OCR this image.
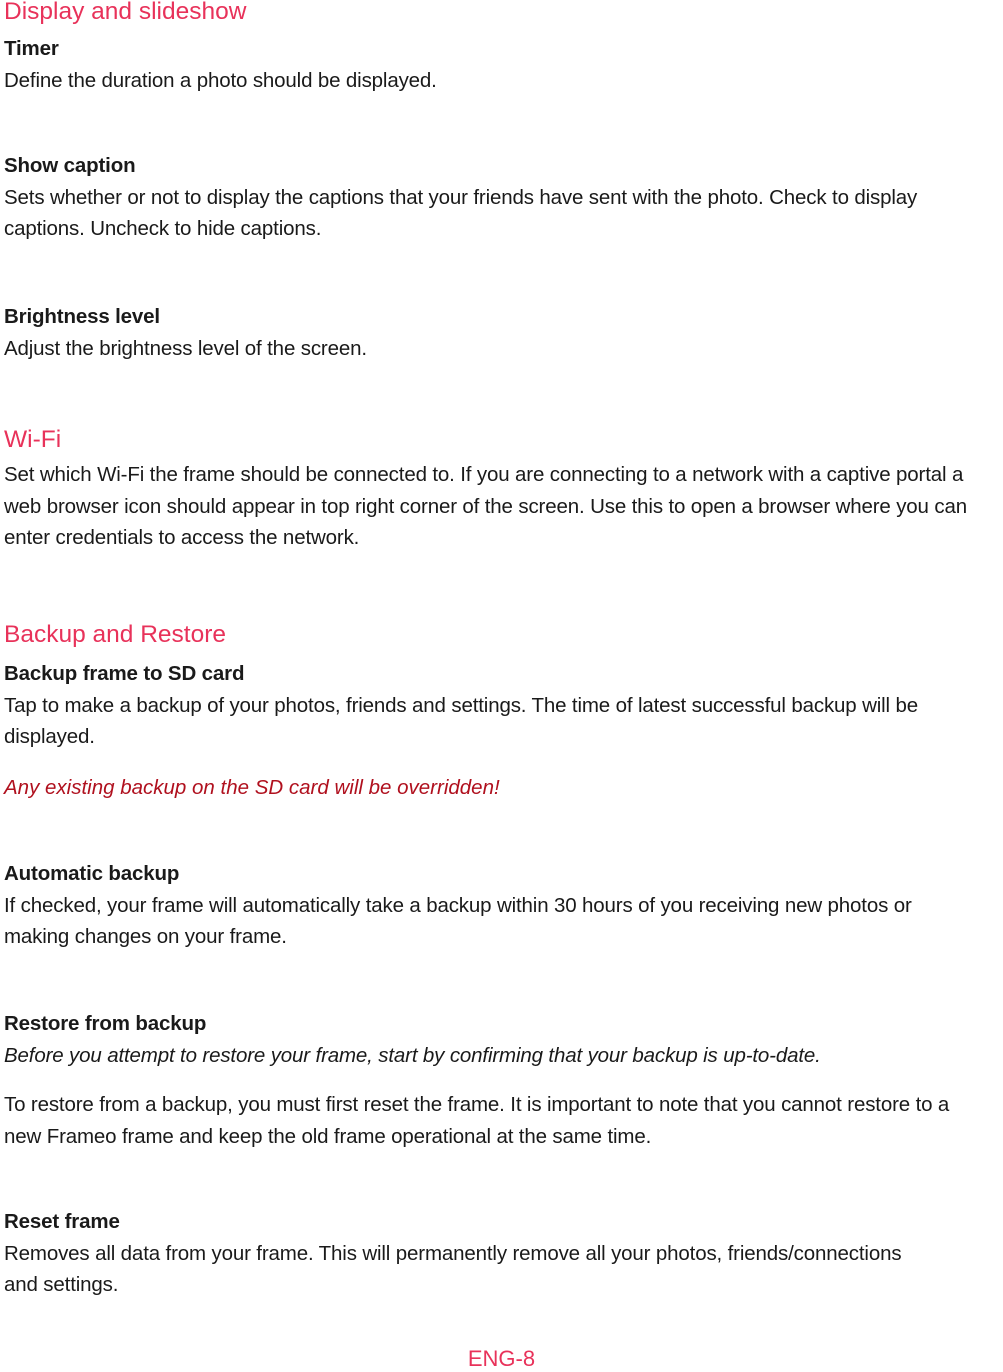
Display and slideshow
Timer

Define the duration a photo should be displayed.

Show caption

Sets whether or not to display the captions that your friends have sent with the photo. Check to display captions. Uncheck to hide captions.

Brightness level

Adjust the brightness level of the screen.

Wi-Fi

Set which Wi-Fi the frame should be connected to. If you are connecting to a network with a captive portal a web browser icon should appear in top right corner of the screen. Use this to open a browser where you can enter credentials to access the network.

Backup and Restore
Backup frame to SD card

Tap to make a backup of your photos, friends and settings. The time of latest successful backup will be displayed.

Any existing backup on the SD card will be overridden!
Automatic backup

If checked, your frame will automatically take a backup within 30 hours of you receiving new photos or making changes on your frame.

Restore from backup
Before you attempt to restore your frame, start by confirming that your backup is up-to-date.

To restore from a backup, you must first reset the frame. It is important to note that you cannot restore to a new Frameo frame and keep the old frame operational at the same time.

Reset frame

Removes all data from your frame. This will permanently remove all your photos, friends/connections and settings.

ENG-8
